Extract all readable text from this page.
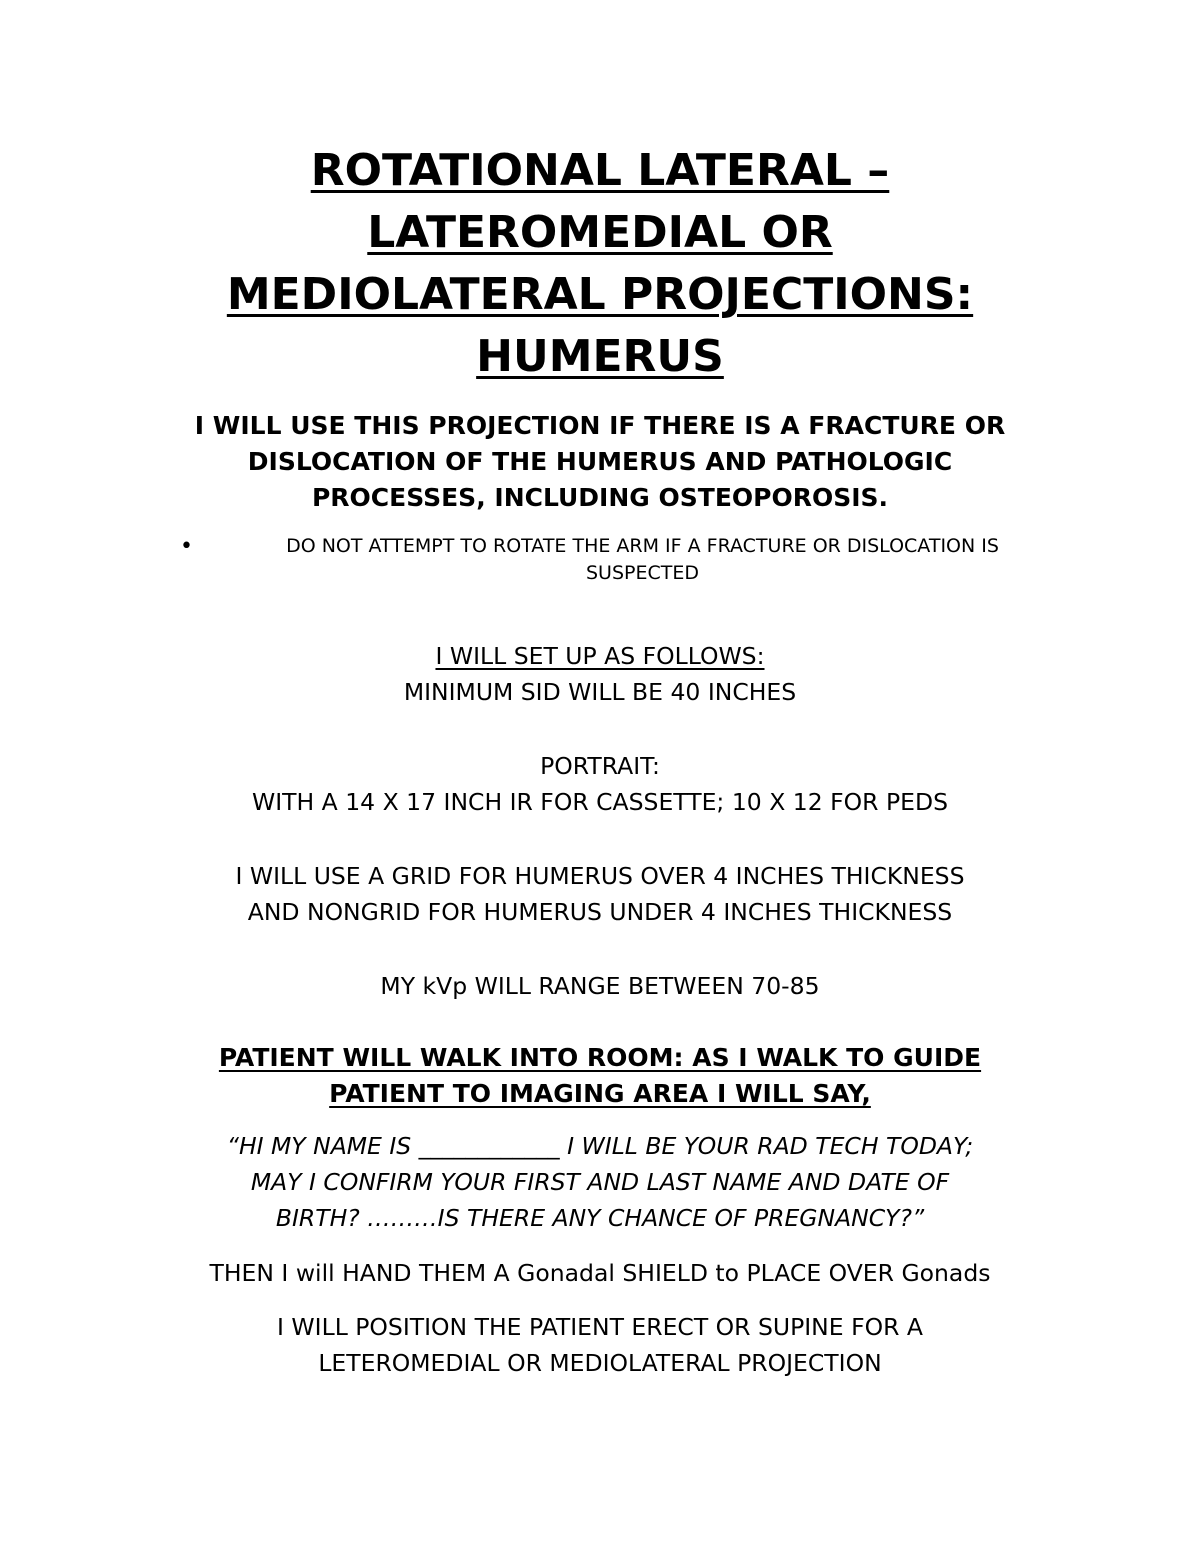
ROTATIONAL LATERAL –
LATEROMEDIAL OR
MEDIOLATERAL PROJECTIONS:
HUMERUS
I WILL USE THIS PROJECTION IF THERE IS A FRACTURE OR
DISLOCATION OF THE HUMERUS AND PATHOLOGIC
PROCESSES, INCLUDING OSTEOPOROSIS.
•	DO NOT ATTEMPT TO ROTATE THE ARM IF A FRACTURE OR DISLOCATION IS
SUSPECTED
I WILL SET UP AS FOLLOWS:
MINIMUM SID WILL BE 40 INCHES
PORTRAIT:
WITH A 14 X 17 INCH IR FOR CASSETTE; 10 X 12 FOR PEDS
I WILL USE A GRID FOR HUMERUS OVER 4 INCHES THICKNESS
AND NONGRID FOR HUMERUS UNDER 4 INCHES THICKNESS
MY kVp WILL RANGE BETWEEN 70-85
PATIENT WILL WALK INTO ROOM: AS I WALK TO GUIDE
PATIENT TO IMAGING AREA I WILL SAY,
“HI MY NAME IS ____________ I WILL BE YOUR RAD TECH TODAY;
MAY I CONFIRM YOUR FIRST AND LAST NAME AND DATE OF
BIRTH? ………IS THERE ANY CHANCE OF PREGNANCY?”
THEN I will HAND THEM A Gonadal SHIELD to PLACE OVER Gonads
I WILL POSITION THE PATIENT ERECT OR SUPINE FOR A
LETEROMEDIAL OR MEDIOLATERAL PROJECTION
